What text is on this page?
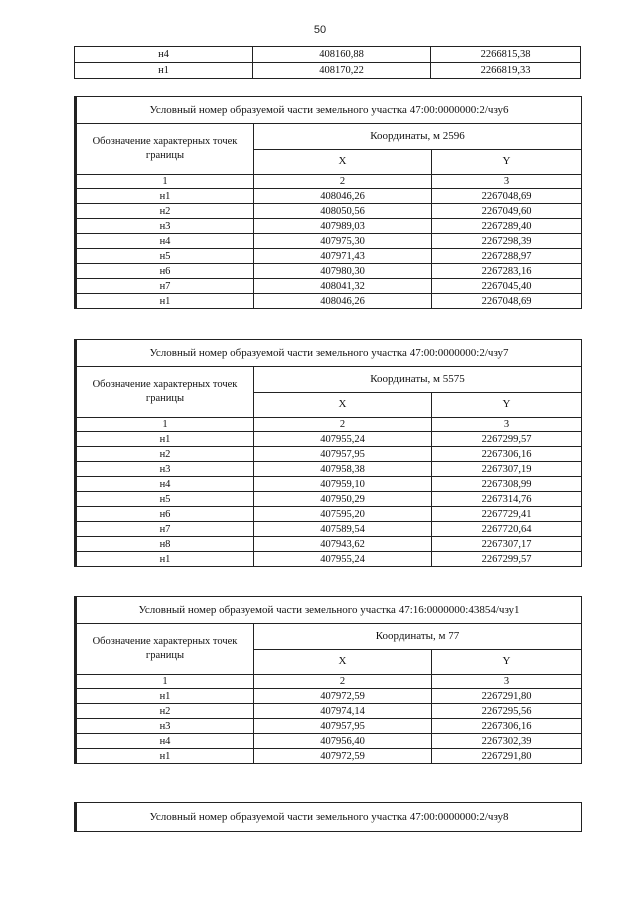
50
н4	408160,88	2266815,38
н1	408170,22	2266819,33
Условный номер образуемой части земельного участка 47:00:0000000:2/чзу6		
Обозначение характерных точек границы	Координаты, м 2596	
	X	Y
1	2	3
н1	408046,26	2267048,69
н2	408050,56	2267049,60
н3	407989,03	2267289,40
н4	407975,30	2267298,39
н5	407971,43	2267288,97
н6	407980,30	2267283,16
н7	408041,32	2267045,40
н1	408046,26	2267048,69
Условный номер образуемой части земельного участка 47:00:0000000:2/чзу7		
Обозначение характерных точек границы	Координаты, м 5575	
	X	Y
1	2	3
н1	407955,24	2267299,57
н2	407957,95	2267306,16
н3	407958,38	2267307,19
н4	407959,10	2267308,99
н5	407950,29	2267314,76
н6	407595,20	2267729,41
н7	407589,54	2267720,64
н8	407943,62	2267307,17
н1	407955,24	2267299,57
Условный номер образуемой части земельного участка 47:16:0000000:43854/чзу1		
Обозначение характерных точек границы	Координаты, м 77	
	X	Y
1	2	3
н1	407972,59	2267291,80
н2	407974,14	2267295,56
н3	407957,95	2267306,16
н4	407956,40	2267302,39
н1	407972,59	2267291,80
Условный номер образуемой части земельного участка 47:00:0000000:2/чзу8
